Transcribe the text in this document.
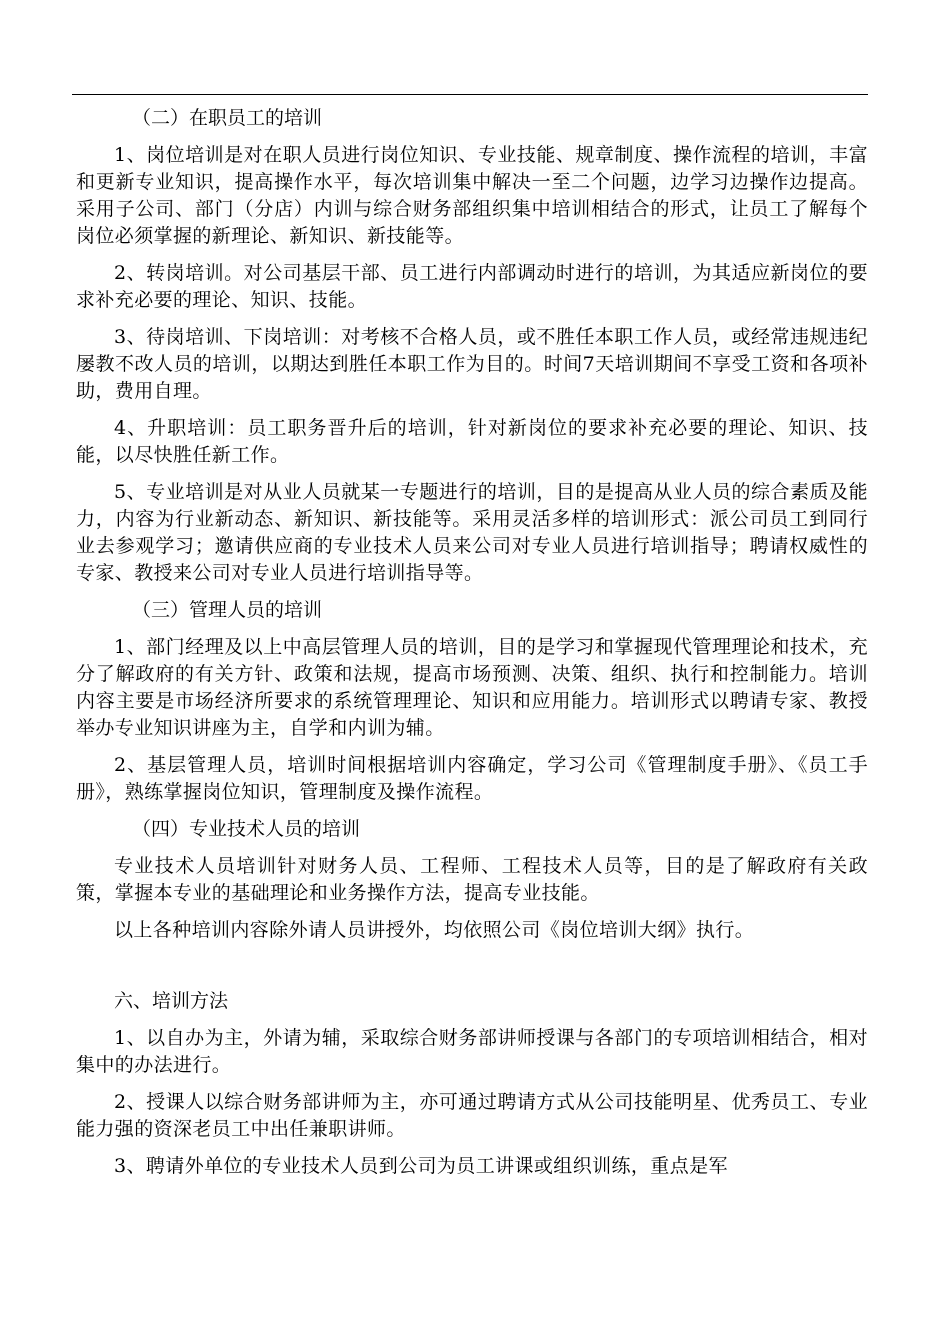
（二）在职员工的培训

1、岗位培训是对在职人员进行岗位知识、专业技能、规章制度、操作流程的培训，丰富和更新专业知识，提高操作水平，每次培训集中解决一至二个问题，边学习边操作边提高。采用子公司、部门（分店）内训与综合财务部组织集中培训相结合的形式，让员工了解每个岗位必须掌握的新理论、新知识、新技能等。

2、转岗培训。对公司基层干部、员工进行内部调动时进行的培训，为其适应新岗位的要求补充必要的理论、知识、技能。

3、待岗培训、下岗培训：对考核不合格人员，或不胜任本职工作人员，或经常违规违纪屡教不改人员的培训，以期达到胜任本职工作为目的。时间7天培训期间不享受工资和各项补助，费用自理。

4、升职培训：员工职务晋升后的培训，针对新岗位的要求补充必要的理论、知识、技能，以尽快胜任新工作。

5、专业培训是对从业人员就某一专题进行的培训，目的是提高从业人员的综合素质及能力，内容为行业新动态、新知识、新技能等。采用灵活多样的培训形式：派公司员工到同行业去参观学习；邀请供应商的专业技术人员来公司对专业人员进行培训指导；聘请权威性的专家、教授来公司对专业人员进行培训指导等。

（三）管理人员的培训

1、部门经理及以上中高层管理人员的培训，目的是学习和掌握现代管理理论和技术，充分了解政府的有关方针、政策和法规，提高市场预测、决策、组织、执行和控制能力。培训内容主要是市场经济所要求的系统管理理论、知识和应用能力。培训形式以聘请专家、教授举办专业知识讲座为主，自学和内训为辅。

2、基层管理人员，培训时间根据培训内容确定，学习公司《管理制度手册》、《员工手册》，熟练掌握岗位知识，管理制度及操作流程。

（四）专业技术人员的培训

专业技术人员培训针对财务人员、工程师、工程技术人员等，目的是了解政府有关政策，掌握本专业的基础理论和业务操作方法，提高专业技能。

以上各种培训内容除外请人员讲授外，均依照公司《岗位培训大纲》执行。

六、培训方法

1、以自办为主，外请为辅，采取综合财务部讲师授课与各部门的专项培训相结合，相对集中的办法进行。

2、授课人以综合财务部讲师为主，亦可通过聘请方式从公司技能明星、优秀员工、专业能力强的资深老员工中出任兼职讲师。

3、聘请外单位的专业技术人员到公司为员工讲课或组织训练，重点是军
